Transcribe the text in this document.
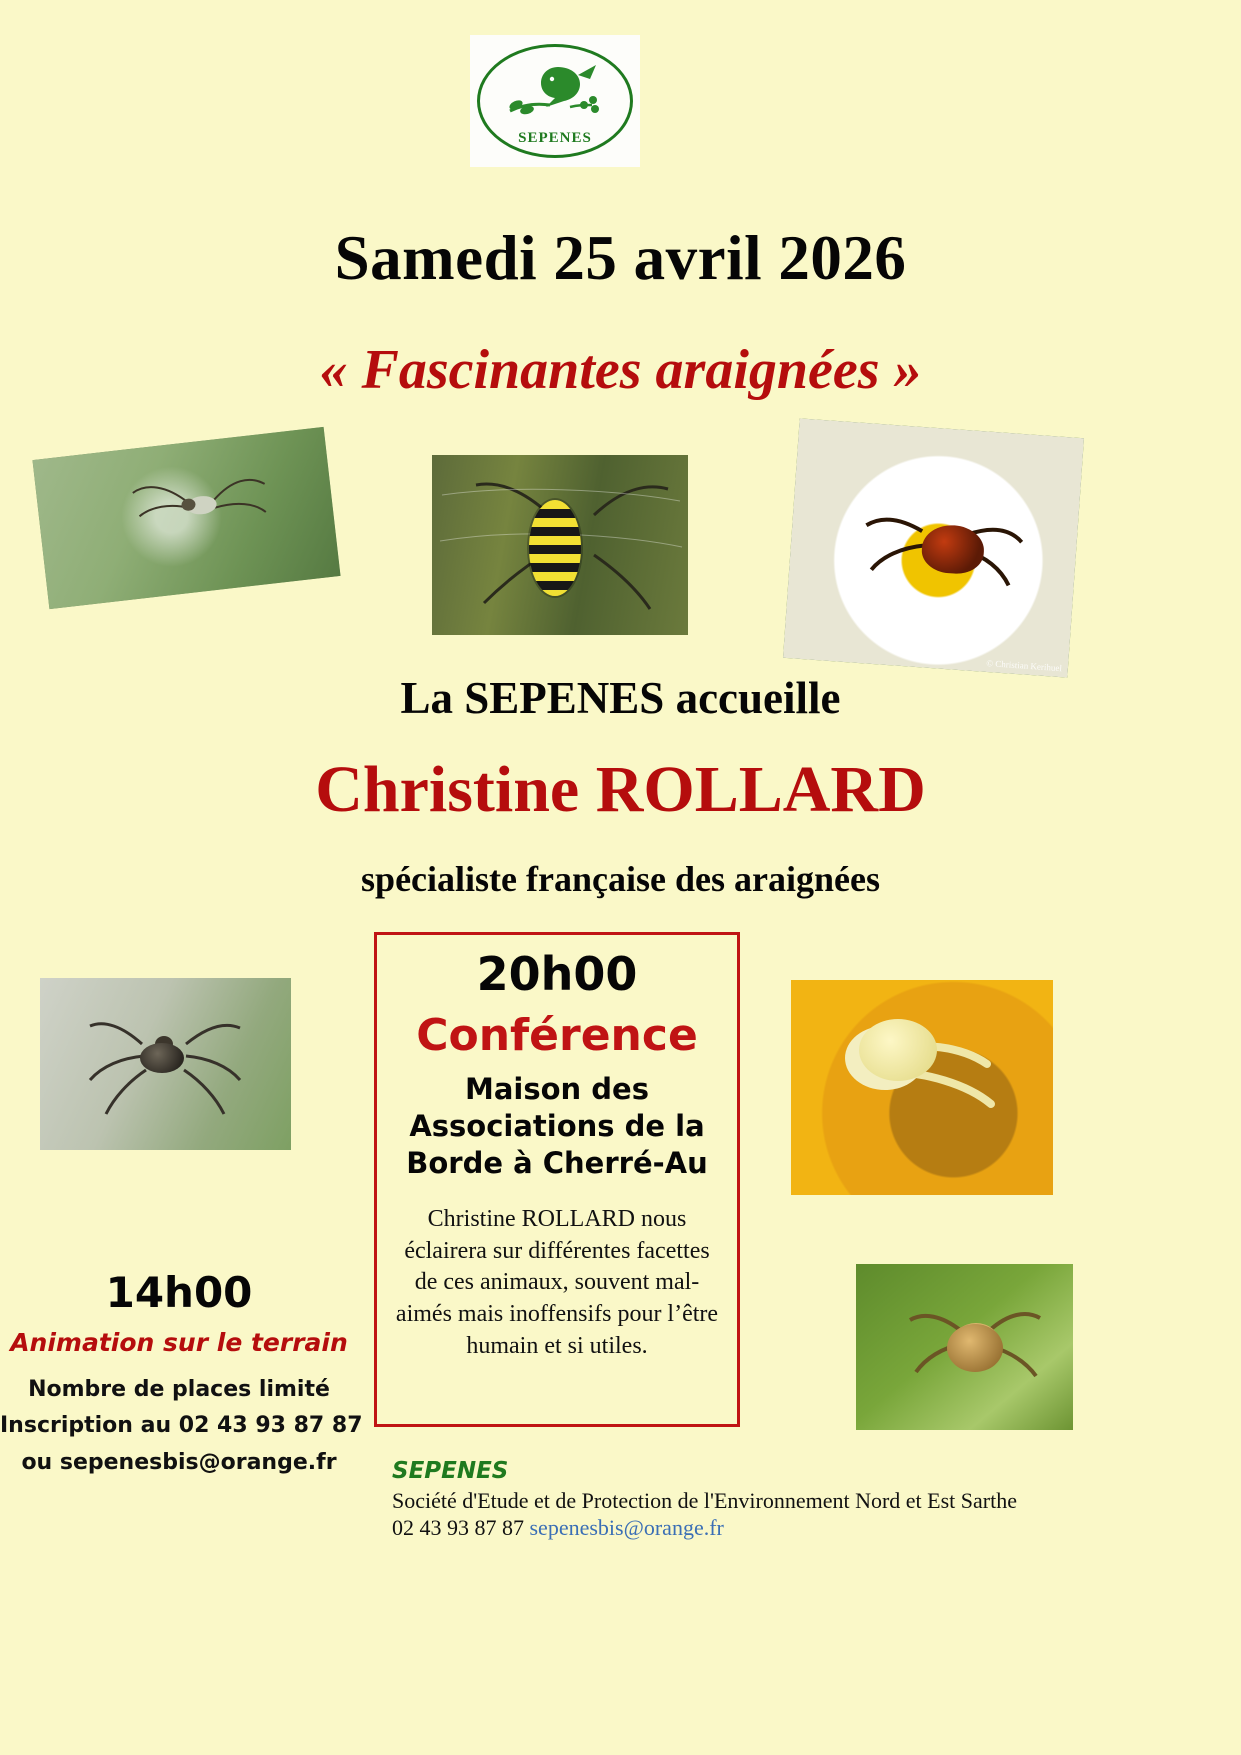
SEPENES
Samedi 25 avril 2026
« Fascinantes araignées »
© Christian Kerihuel
La SEPENES accueille
Christine ROLLARD
spécialiste française des araignées
20h00
Conférence
Maison des
Associations de la
Borde à Cherré-Au
Christine ROLLARD nous éclairera sur différentes facettes de ces animaux, souvent mal-aimés mais inoffensifs pour l’être humain et si utiles.
14h00
Animation sur le terrain
Nombre de places limité
Inscription au 02 43 93 87 87
ou sepenesbis@orange.fr	SEPENES
Société d'Etude et de Protection de l'Environnement Nord et Est Sarthe
02 43 93 87 87 sepenesbis@orange.fr
